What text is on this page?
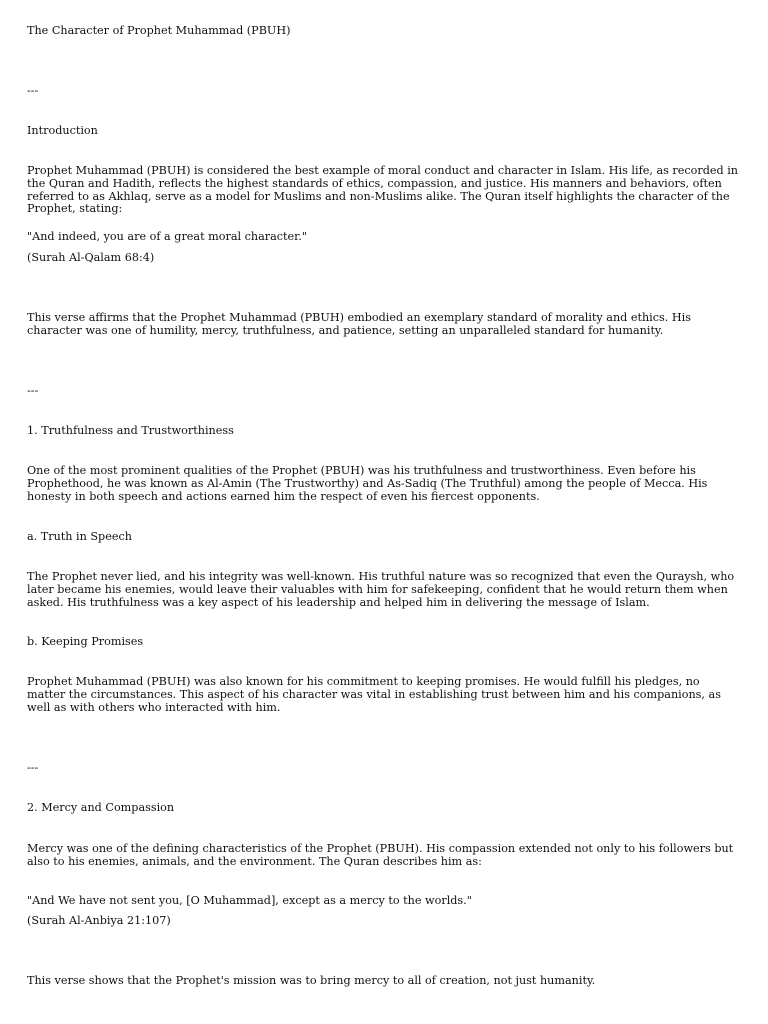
The Character of Prophet Muhammad (PBUH)

---

Introduction

Prophet Muhammad (PBUH) is considered the best example of moral conduct and character in Islam. His life, as recorded in the Quran and Hadith, reflects the highest standards of ethics, compassion, and justice. His manners and behaviors, often referred to as Akhlaq, serve as a model for Muslims and non-Muslims alike. The Quran itself highlights the character of the Prophet, stating:

"And indeed, you are of a great moral character."

(Surah Al-Qalam 68:4)

This verse affirms that the Prophet Muhammad (PBUH) embodied an exemplary standard of morality and ethics. His character was one of humility, mercy, truthfulness, and patience, setting an unparalleled standard for humanity.

---

1. Truthfulness and Trustworthiness

One of the most prominent qualities of the Prophet (PBUH) was his truthfulness and trustworthiness. Even before his Prophethood, he was known as Al-Amin (The Trustworthy) and As-Sadiq (The Truthful) among the people of Mecca. His honesty in both speech and actions earned him the respect of even his fiercest opponents.

a. Truth in Speech

The Prophet never lied, and his integrity was well-known. His truthful nature was so recognized that even the Quraysh, who later became his enemies, would leave their valuables with him for safekeeping, confident that he would return them when asked. His truthfulness was a key aspect of his leadership and helped him in delivering the message of Islam.

b. Keeping Promises

Prophet Muhammad (PBUH) was also known for his commitment to keeping promises. He would fulfill his pledges, no matter the circumstances. This aspect of his character was vital in establishing trust between him and his companions, as well as with others who interacted with him.

---

2. Mercy and Compassion

Mercy was one of the defining characteristics of the Prophet (PBUH). His compassion extended not only to his followers but also to his enemies, animals, and the environment. The Quran describes him as:

"And We have not sent you, [O Muhammad], except as a mercy to the worlds."

(Surah Al-Anbiya 21:107)

This verse shows that the Prophet's mission was to bring mercy to all of creation, not just humanity.
